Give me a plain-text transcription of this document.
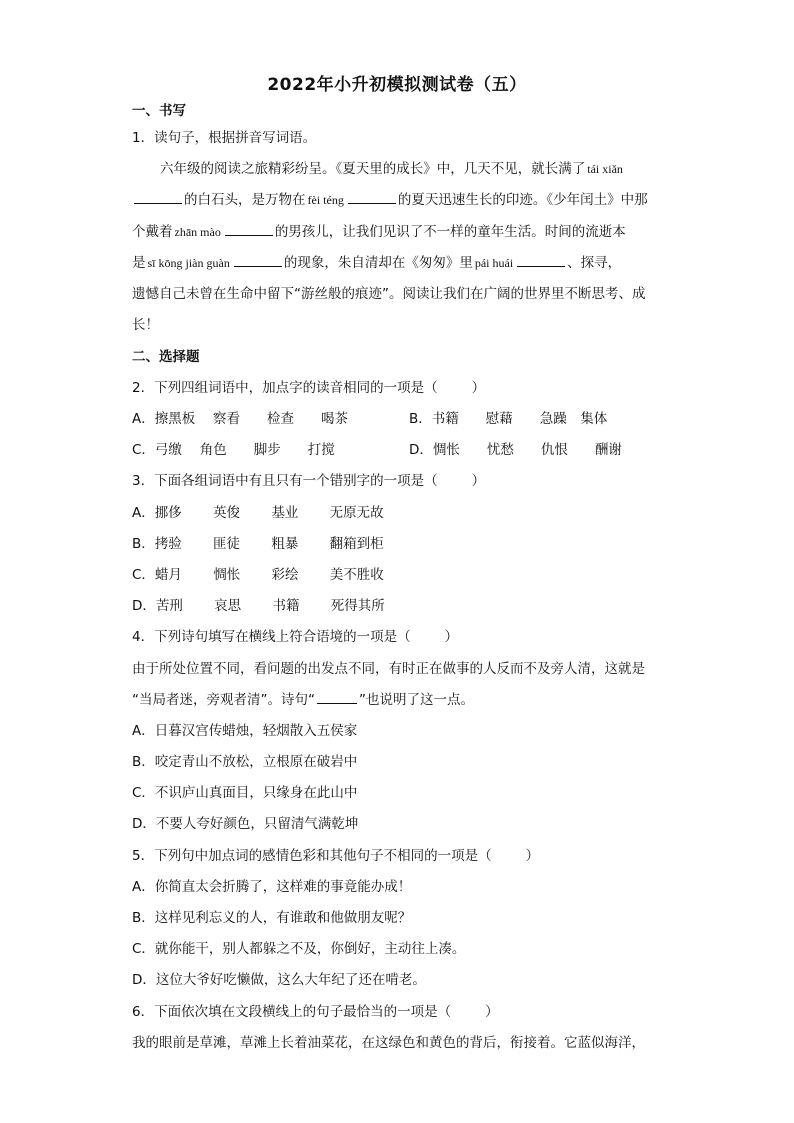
2022年小升初模拟测试卷（五）
一、书写
1．读句子，根据拼音写词语。
六年级的阅读之旅精彩纷呈。《夏天里的成长》中，几天不见，就长满了 tái xiǎn
的白石头，是万物在 fèi téng	的夏天迅速生长的印迹。《少年闰土》中那
个戴着 zhān mào	的男孩儿，让我们见识了不一样的童年生活。时间的流逝本
是 sī kōng jiàn guàn	的现象，朱自清却在《匆匆》里 pái huái	、探寻，
遗憾自己未曾在生命中留下“游丝般的痕迹”。阅读让我们在广阔的世界里不断思考、成
长！
二、选择题
2．下列四组词语中，加点字的读音相同的一项是（	）
A．擦黑板　 察看　　检查　　喝茶	B．书籍　　慰藉　　急躁　集体
C．弓缴　 角色　　脚步　　打搅	D．惆怅　　忧愁　　仇恨　　酬谢
3．下面各组词语中有且只有一个错别字的一项是（	）
A．挪侈　　 英俊　　 基业　　 无原无故
B．拷验　　 匪徒　　 粗暴　　 翻箱到柜
C．蜡月　　 惆怅　　 彩绘　　 美不胜收
D．苦刑　　 哀思　　 书籍　　 死得其所
4．下列诗句填写在横线上符合语境的一项是（	）
由于所处位置不同，看问题的出发点不同，有时正在做事的人反而不及旁人清，这就是
“当局者迷，旁观者清”。诗句“	”也说明了这一点。
A．日暮汉宫传蜡烛，轻烟散入五侯家
B．咬定青山不放松，立根原在破岩中
C．不识庐山真面目，只缘身在此山中
D．不要人夸好颜色，只留清气满乾坤
5．下列句中加点词的感情色彩和其他句子不相同的一项是（	）
A．你简直太会折腾了，这样难的事竟能办成！
B．这样见利忘义的人，有谁敢和他做朋友呢？
C．就你能干，别人都躲之不及，你倒好，主动往上凑。
D．这位大爷好吃懒做，这么大年纪了还在啃老。
6．下面依次填在文段横线上的句子最恰当的一项是（	）
我的眼前是草滩，草滩上长着油菜花，在这绿色和黄色的背后，衔接着。它蓝似海洋，
